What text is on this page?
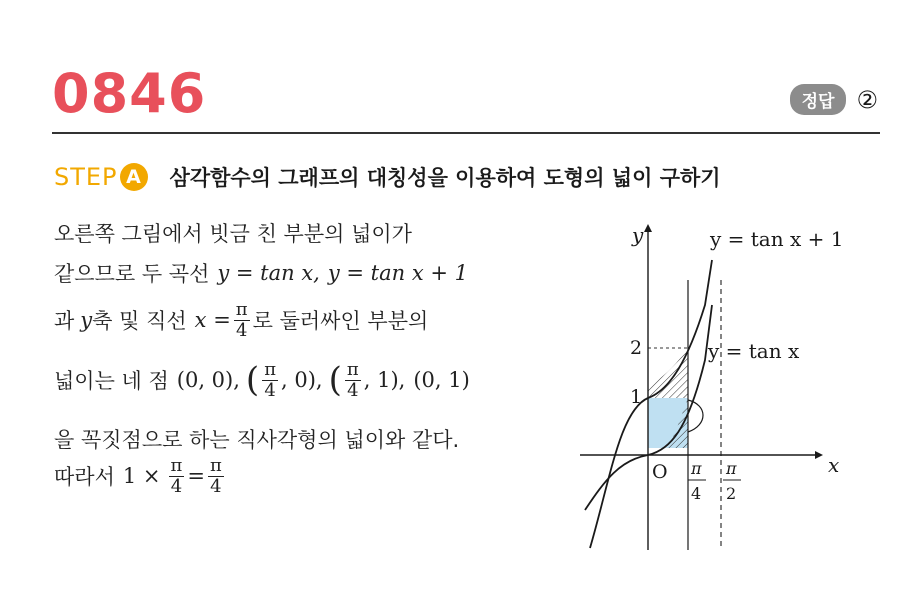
0846	정답 ②
STEP A	삼각함수의 그래프의 대칭성을 이용하여 도형의 넓이 구하기
오른쪽 그림에서 빗금 친 부분의 넓이가
같으므로 두 곡선 y = tan x, y = tan x + 1
과 y 축 및 직선 $x = \frac{\pi}{4}$ 로 둘러싸인 부분의
넓이는 네 점 (0, 0), ( $\frac{\pi}{4}$ , 0), ( $\frac{\pi}{4}$ , 1), (0, 1)
을 꼭짓점으로 하는 직사각형의 넓이와 같다.
따라서 $1 \times \frac{\pi}{4} = \frac{\pi}{4}$
y
x
O
1
2
π
4
π
2
y = tan x + 1
y = tan x
